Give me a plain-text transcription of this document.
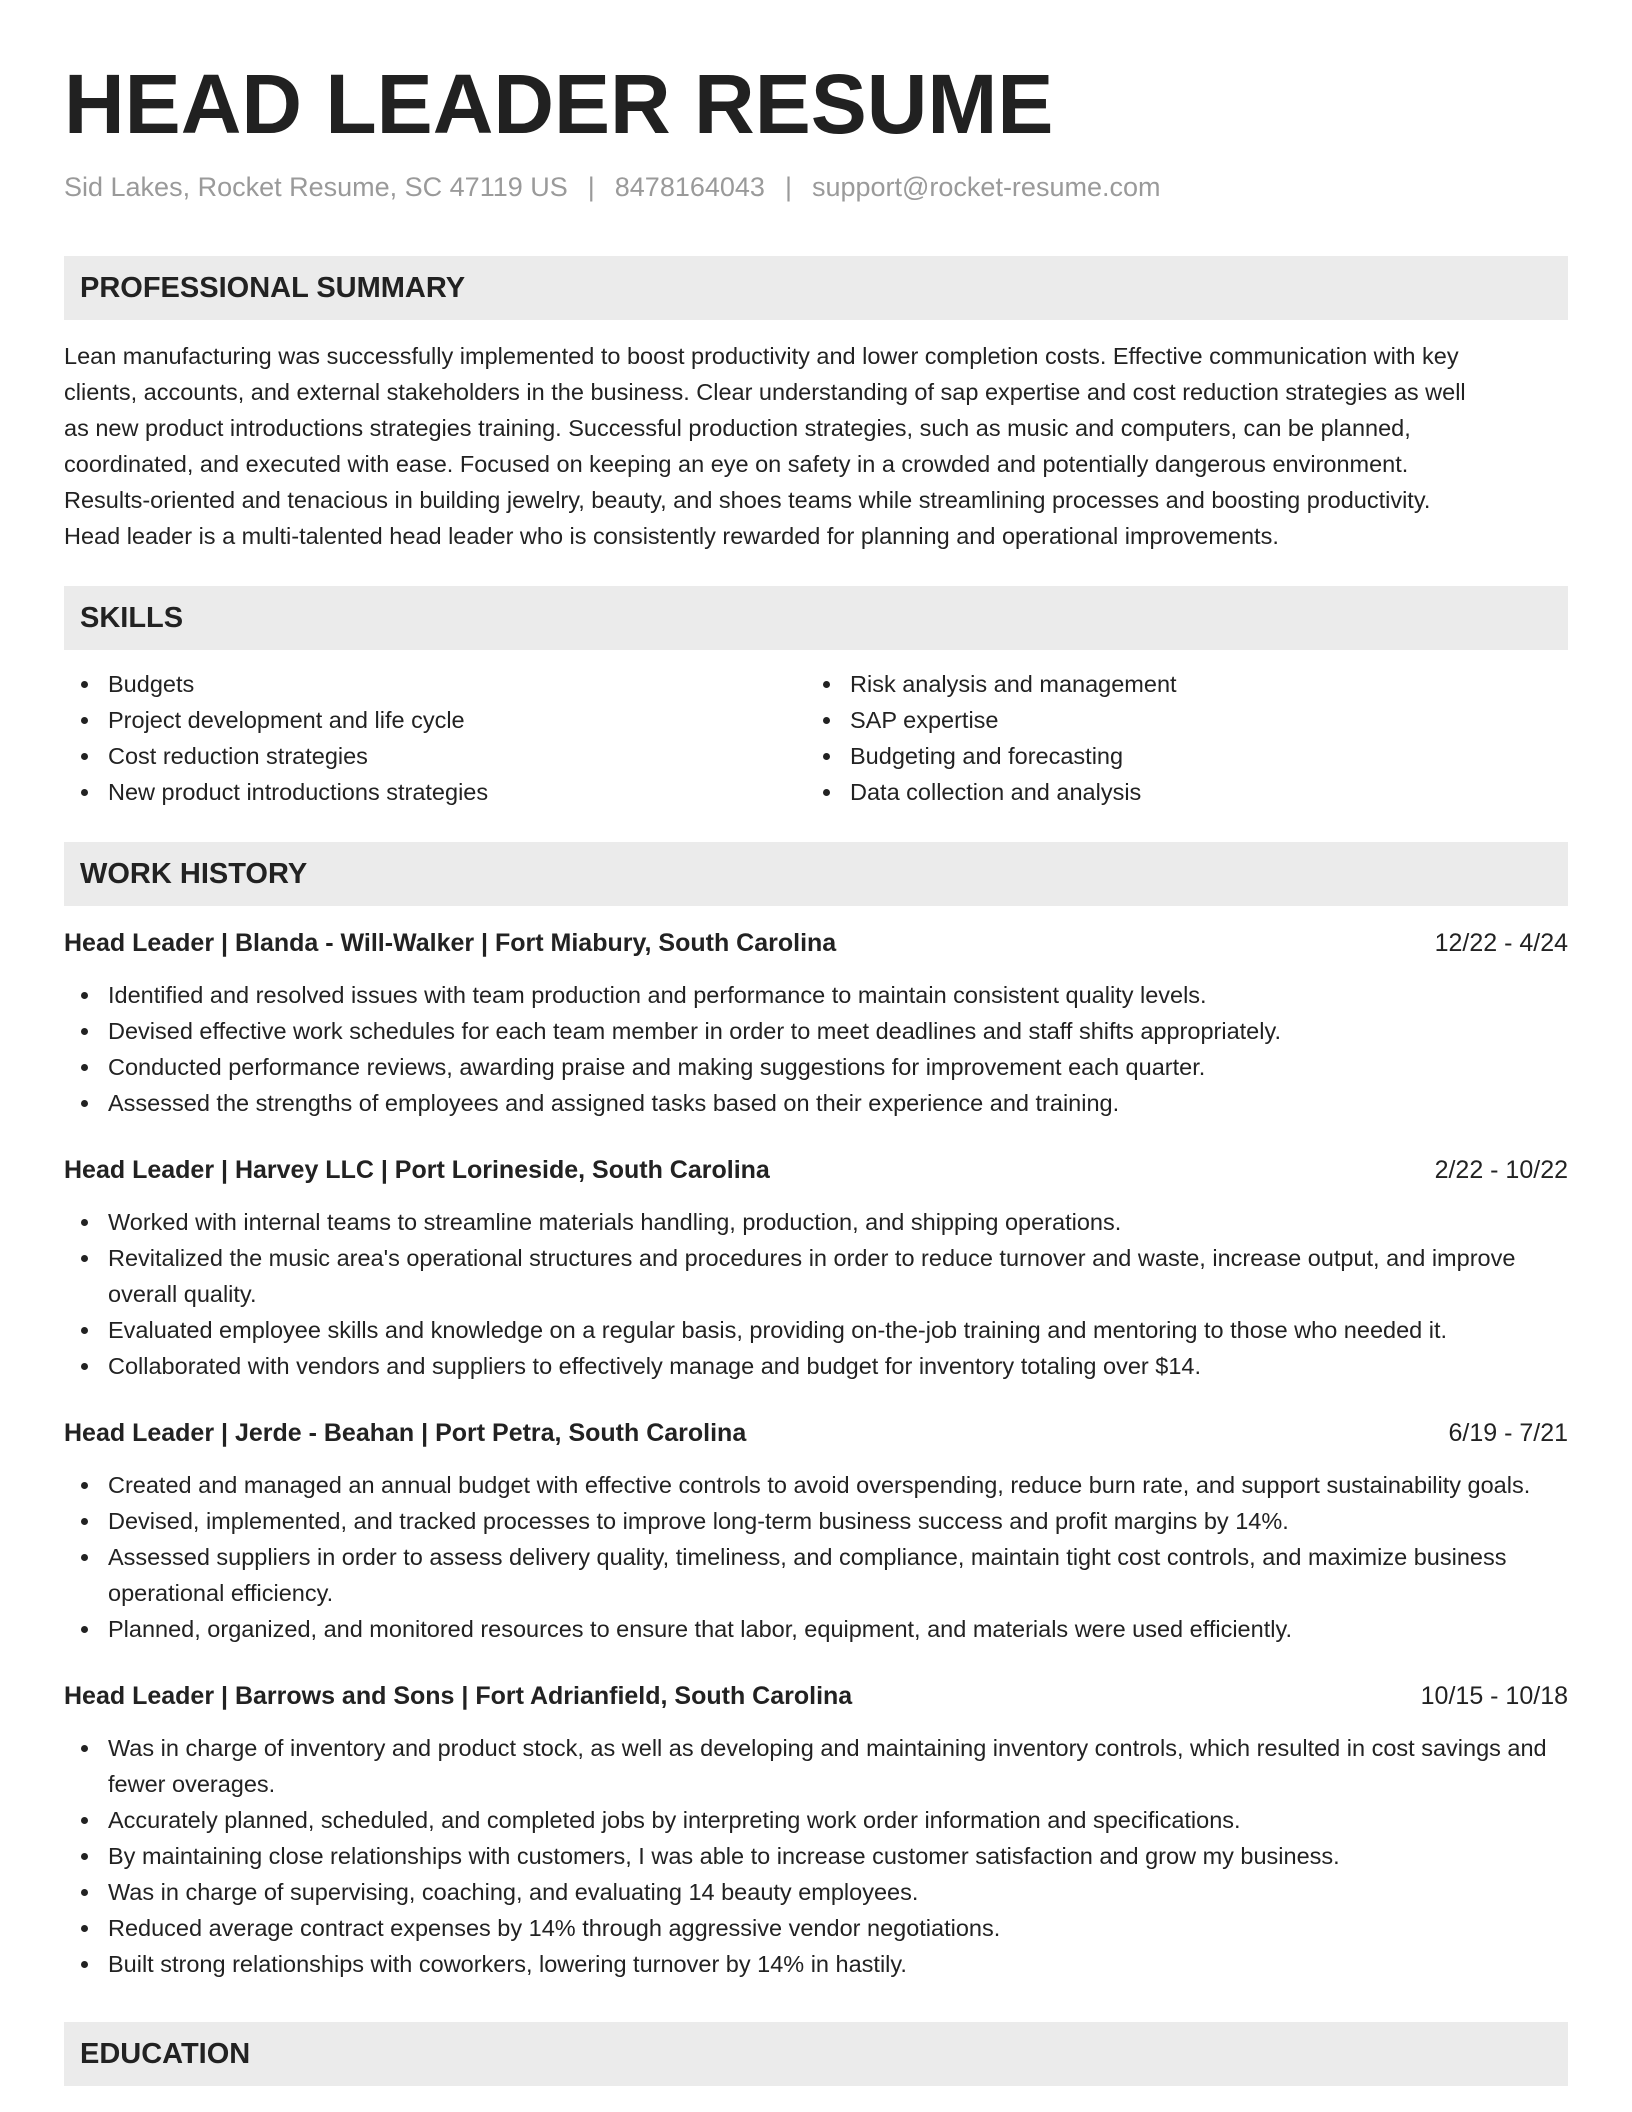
HEAD LEADER RESUME
Sid Lakes, Rocket Resume, SC 47119 US | 8478164043 | support@rocket-resume.com
PROFESSIONAL SUMMARY
Lean manufacturing was successfully implemented to boost productivity and lower completion costs. Effective communication with key
clients, accounts, and external stakeholders in the business. Clear understanding of sap expertise and cost reduction strategies as well
as new product introductions strategies training. Successful production strategies, such as music and computers, can be planned,
coordinated, and executed with ease. Focused on keeping an eye on safety in a crowded and potentially dangerous environment.
Results-oriented and tenacious in building jewelry, beauty, and shoes teams while streamlining processes and boosting productivity.
Head leader is a multi-talented head leader who is consistently rewarded for planning and operational improvements.
SKILLS
Budgets
Project development and life cycle
Cost reduction strategies
New product introductions strategies
Risk analysis and management
SAP expertise
Budgeting and forecasting
Data collection and analysis
WORK HISTORY
Head Leader | Blanda - Will-Walker | Fort Miabury, South Carolina	12/22 - 4/24
Identified and resolved issues with team production and performance to maintain consistent quality levels.
Devised effective work schedules for each team member in order to meet deadlines and staff shifts appropriately.
Conducted performance reviews, awarding praise and making suggestions for improvement each quarter.
Assessed the strengths of employees and assigned tasks based on their experience and training.
Head Leader | Harvey LLC | Port Lorineside, South Carolina	2/22 - 10/22
Worked with internal teams to streamline materials handling, production, and shipping operations.
Revitalized the music area's operational structures and procedures in order to reduce turnover and waste, increase output, and improve overall quality.
Evaluated employee skills and knowledge on a regular basis, providing on-the-job training and mentoring to those who needed it.
Collaborated with vendors and suppliers to effectively manage and budget for inventory totaling over $14.
Head Leader | Jerde - Beahan | Port Petra, South Carolina	6/19 - 7/21
Created and managed an annual budget with effective controls to avoid overspending, reduce burn rate, and support sustainability goals.
Devised, implemented, and tracked processes to improve long-term business success and profit margins by 14%.
Assessed suppliers in order to assess delivery quality, timeliness, and compliance, maintain tight cost controls, and maximize business operational efficiency.
Planned, organized, and monitored resources to ensure that labor, equipment, and materials were used efficiently.
Head Leader | Barrows and Sons | Fort Adrianfield, South Carolina	10/15 - 10/18
Was in charge of inventory and product stock, as well as developing and maintaining inventory controls, which resulted in cost savings and fewer overages.
Accurately planned, scheduled, and completed jobs by interpreting work order information and specifications.
By maintaining close relationships with customers, I was able to increase customer satisfaction and grow my business.
Was in charge of supervising, coaching, and evaluating 14 beauty employees.
Reduced average contract expenses by 14% through aggressive vendor negotiations.
Built strong relationships with coworkers, lowering turnover by 14% in hastily.
EDUCATION
